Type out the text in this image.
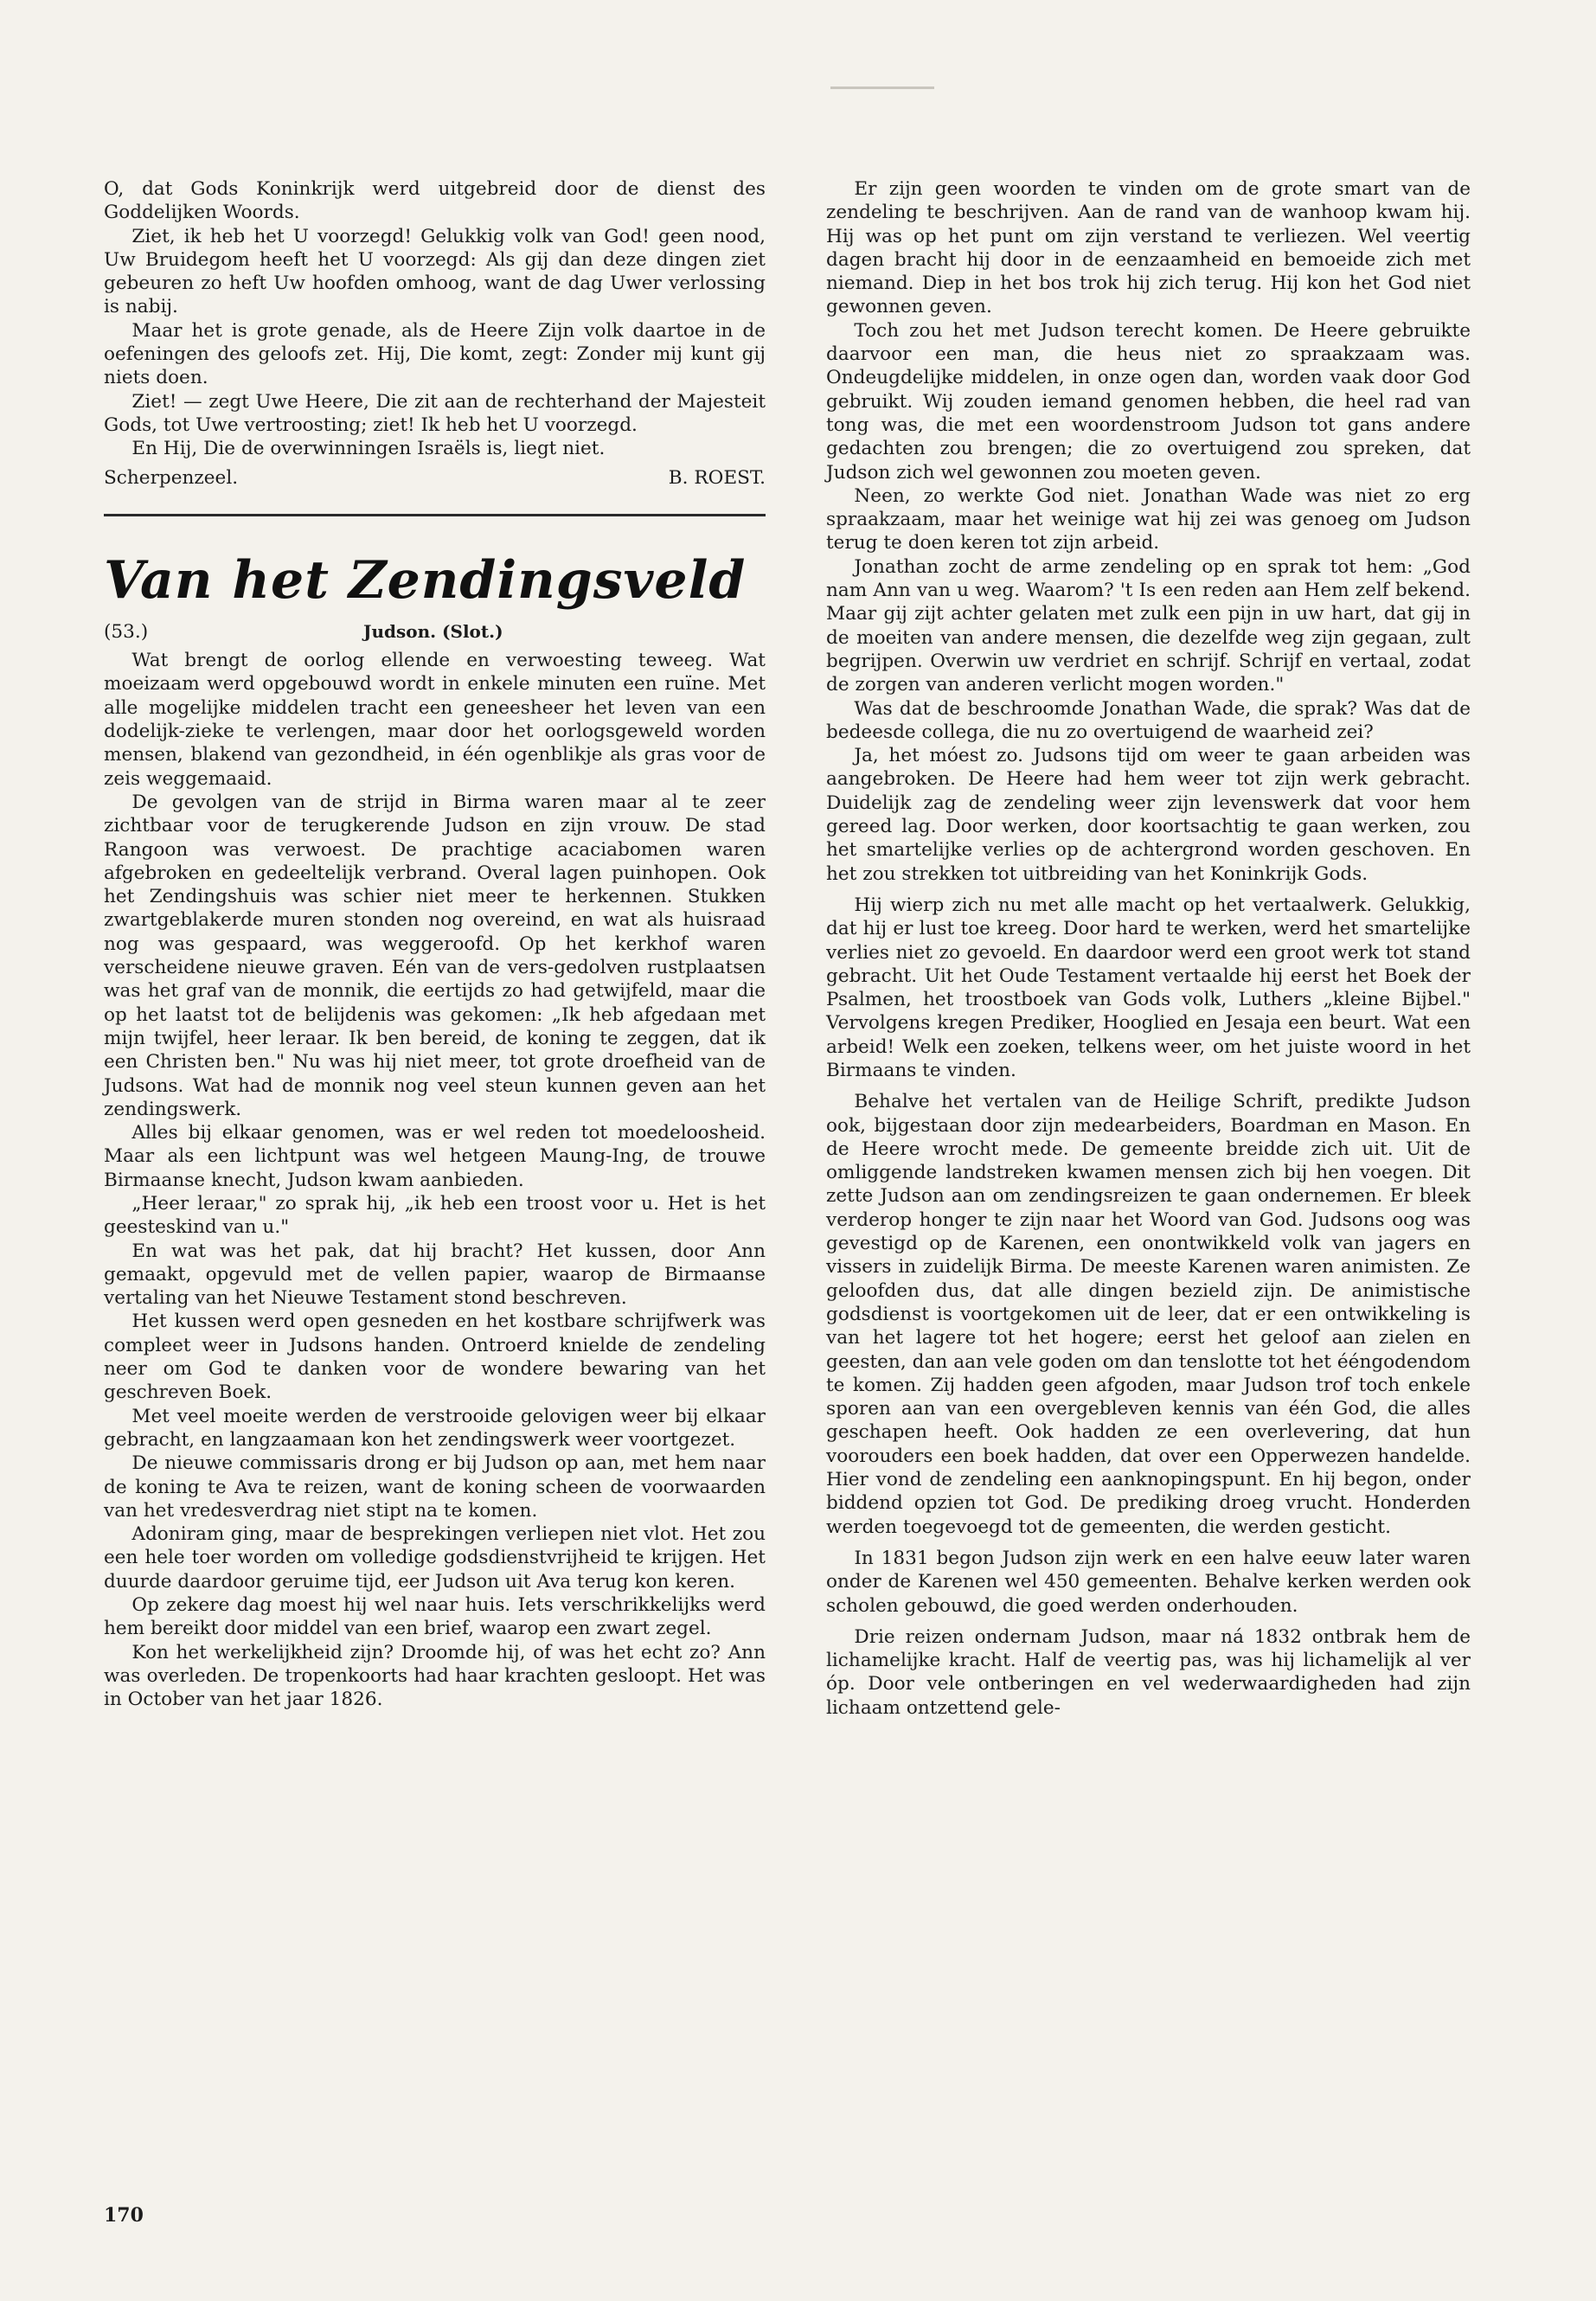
O, dat Gods Koninkrijk werd uitgebreid door de dienst des Goddelijken Woords.

Ziet, ik heb het U voorzegd! Gelukkig volk van God! geen nood, Uw Bruidegom heeft het U voorzegd: Als gij dan deze dingen ziet gebeuren zo heft Uw hoofden omhoog, want de dag Uwer verlossing is nabij.

Maar het is grote genade, als de Heere Zijn volk daartoe in de oefeningen des geloofs zet. Hij, Die komt, zegt: Zonder mij kunt gij niets doen.

Ziet! — zegt Uwe Heere, Die zit aan de rechterhand der Majesteit Gods, tot Uwe vertroosting; ziet! Ik heb het U voorzegd.

En Hij, Die de overwinningen Israëls is, liegt niet.

Scherpenzeel.	B. ROEST.
Van het Zendingsveld
(53.)	Judson. (Slot.)

Wat brengt de oorlog ellende en verwoesting teweeg. Wat moeizaam werd opgebouwd wordt in enkele minuten een ruïne. Met alle mogelijke middelen tracht een geneesheer het leven van een dodelijk-zieke te verlengen, maar door het oorlogsgeweld worden mensen, blakend van gezondheid, in één ogenblikje als gras voor de zeis weggemaaid.

De gevolgen van de strijd in Birma waren maar al te zeer zichtbaar voor de terugkerende Judson en zijn vrouw. De stad Rangoon was verwoest. De prachtige acaciabomen waren afgebroken en gedeeltelijk verbrand. Overal lagen puinhopen. Ook het Zendingshuis was schier niet meer te herkennen. Stukken zwartgeblakerde muren stonden nog overeind, en wat als huisraad nog was gespaard, was weggeroofd. Op het kerkhof waren verscheidene nieuwe graven. Eén van de vers-gedolven rustplaatsen was het graf van de monnik, die eertijds zo had getwijfeld, maar die op het laatst tot de belijdenis was gekomen: „Ik heb afgedaan met mijn twijfel, heer leraar. Ik ben bereid, de koning te zeggen, dat ik een Christen ben." Nu was hij niet meer, tot grote droefheid van de Judsons. Wat had de monnik nog veel steun kunnen geven aan het zendingswerk.

Alles bij elkaar genomen, was er wel reden tot moedeloosheid. Maar als een lichtpunt was wel hetgeen Maung-Ing, de trouwe Birmaanse knecht, Judson kwam aanbieden.

„Heer leraar," zo sprak hij, „ik heb een troost voor u. Het is het geesteskind van u."

En wat was het pak, dat hij bracht? Het kussen, door Ann gemaakt, opgevuld met de vellen papier, waarop de Birmaanse vertaling van het Nieuwe Testament stond beschreven.

Het kussen werd open gesneden en het kostbare schrijfwerk was compleet weer in Judsons handen. Ontroerd knielde de zendeling neer om God te danken voor de wondere bewaring van het geschreven Boek.

Met veel moeite werden de verstrooide gelovigen weer bij elkaar gebracht, en langzaamaan kon het zendingswerk weer voortgezet.

De nieuwe commissaris drong er bij Judson op aan, met hem naar de koning te Ava te reizen, want de koning scheen de voorwaarden van het vredesverdrag niet stipt na te komen.

Adoniram ging, maar de besprekingen verliepen niet vlot. Het zou een hele toer worden om volledige godsdienstvrijheid te krijgen. Het duurde daardoor geruime tijd, eer Judson uit Ava terug kon keren.

Op zekere dag moest hij wel naar huis. Iets verschrikkelijks werd hem bereikt door middel van een brief, waarop een zwart zegel.

Kon het werkelijkheid zijn? Droomde hij, of was het echt zo? Ann was overleden. De tropenkoorts had haar krachten gesloopt. Het was in October van het jaar 1826.

Er zijn geen woorden te vinden om de grote smart van de zendeling te beschrijven. Aan de rand van de wanhoop kwam hij. Hij was op het punt om zijn verstand te verliezen. Wel veertig dagen bracht hij door in de eenzaamheid en bemoeide zich met niemand. Diep in het bos trok hij zich terug. Hij kon het God niet gewonnen geven.

Toch zou het met Judson terecht komen. De Heere gebruikte daarvoor een man, die heus niet zo spraakzaam was. Ondeugdelijke middelen, in onze ogen dan, worden vaak door God gebruikt. Wij zouden iemand genomen hebben, die heel rad van tong was, die met een woordenstroom Judson tot gans andere gedachten zou brengen; die zo overtuigend zou spreken, dat Judson zich wel gewonnen zou moeten geven.

Neen, zo werkte God niet. Jonathan Wade was niet zo erg spraakzaam, maar het weinige wat hij zei was genoeg om Judson terug te doen keren tot zijn arbeid.

Jonathan zocht de arme zendeling op en sprak tot hem: „God nam Ann van u weg. Waarom? 't Is een reden aan Hem zelf bekend. Maar gij zijt achter gelaten met zulk een pijn in uw hart, dat gij in de moeiten van andere mensen, die dezelfde weg zijn gegaan, zult begrijpen. Overwin uw verdriet en schrijf. Schrijf en vertaal, zodat de zorgen van anderen verlicht mogen worden."

Was dat de beschroomde Jonathan Wade, die sprak? Was dat de bedeesde collega, die nu zo overtuigend de waarheid zei?

Ja, het móest zo. Judsons tijd om weer te gaan arbeiden was aangebroken. De Heere had hem weer tot zijn werk gebracht. Duidelijk zag de zendeling weer zijn levenswerk dat voor hem gereed lag. Door werken, door koortsachtig te gaan werken, zou het smartelijke verlies op de achtergrond worden geschoven. En het zou strekken tot uitbreiding van het Koninkrijk Gods.

Hij wierp zich nu met alle macht op het vertaalwerk. Gelukkig, dat hij er lust toe kreeg. Door hard te werken, werd het smartelijke verlies niet zo gevoeld. En daardoor werd een groot werk tot stand gebracht. Uit het Oude Testament vertaalde hij eerst het Boek der Psalmen, het troostboek van Gods volk, Luthers „kleine Bijbel." Vervolgens kregen Prediker, Hooglied en Jesaja een beurt. Wat een arbeid! Welk een zoeken, telkens weer, om het juiste woord in het Birmaans te vinden.

Behalve het vertalen van de Heilige Schrift, predikte Judson ook, bijgestaan door zijn medearbeiders, Boardman en Mason. En de Heere wrocht mede. De gemeente breidde zich uit. Uit de omliggende landstreken kwamen mensen zich bij hen voegen. Dit zette Judson aan om zendingsreizen te gaan ondernemen. Er bleek verderop honger te zijn naar het Woord van God. Judsons oog was gevestigd op de Karenen, een onontwikkeld volk van jagers en vissers in zuidelijk Birma. De meeste Karenen waren animisten. Ze geloofden dus, dat alle dingen bezield zijn. De animistische godsdienst is voortgekomen uit de leer, dat er een ontwikkeling is van het lagere tot het hogere; eerst het geloof aan zielen en geesten, dan aan vele goden om dan tenslotte tot het ééngodendom te komen. Zij hadden geen afgoden, maar Judson trof toch enkele sporen aan van een overgebleven kennis van één God, die alles geschapen heeft. Ook hadden ze een overlevering, dat hun voorouders een boek hadden, dat over een Opperwezen handelde. Hier vond de zendeling een aanknopingspunt. En hij begon, onder biddend opzien tot God. De prediking droeg vrucht. Honderden werden toegevoegd tot de gemeenten, die werden gesticht.

In 1831 begon Judson zijn werk en een halve eeuw later waren onder de Karenen wel 450 gemeenten. Behalve kerken werden ook scholen gebouwd, die goed werden onderhouden.

Drie reizen ondernam Judson, maar ná 1832 ontbrak hem de lichamelijke kracht. Half de veertig pas, was hij lichamelijk al ver óp. Door vele ontberingen en vel wederwaardigheden had zijn lichaam ontzettend gele-

170
